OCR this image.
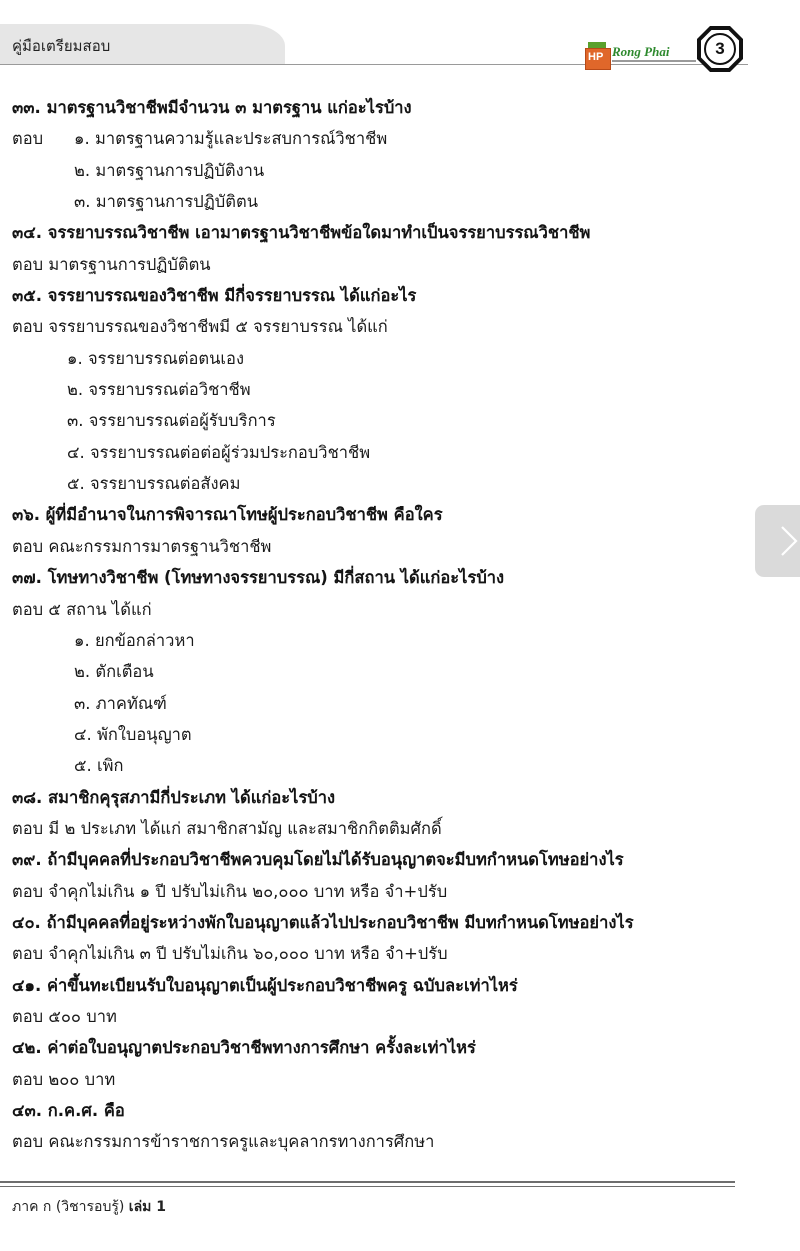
คู่มือเตรียมสอบ
HP Rong Phai	3
๓๓. มาตรฐานวิชาชีพมีจำนวน ๓ มาตรฐาน แก่อะไรบ้าง
ตอบ ๑. มาตรฐานความรู้และประสบการณ์วิชาชีพ
๒. มาตรฐานการปฏิบัติงาน
๓. มาตรฐานการปฏิบัติตน
๓๔. จรรยาบรรณวิชาชีพ เอามาตรฐานวิชาชีพข้อใดมาทำเป็นจรรยาบรรณวิชาชีพ
ตอบ มาตรฐานการปฏิบัติตน
๓๕. จรรยาบรรณของวิชาชีพ มีกี่จรรยาบรรณ ได้แก่อะไร
ตอบ จรรยาบรรณของวิชาชีพมี ๕ จรรยาบรรณ ได้แก่
๑. จรรยาบรรณต่อตนเอง
๒. จรรยาบรรณต่อวิชาชีพ
๓. จรรยาบรรณต่อผู้รับบริการ
๔. จรรยาบรรณต่อต่อผู้ร่วมประกอบวิชาชีพ
๕. จรรยาบรรณต่อสังคม
๓๖. ผู้ที่มีอำนาจในการพิจารณาโทษผู้ประกอบวิชาชีพ คือใคร
ตอบ คณะกรรมการมาตรฐานวิชาชีพ
๓๗. โทษทางวิชาชีพ (โทษทางจรรยาบรรณ) มีกี่สถาน ได้แก่อะไรบ้าง
ตอบ ๕ สถาน ได้แก่
๑. ยกข้อกล่าวหา
๒. ตักเตือน
๓. ภาคทัณฑ์
๔. พักใบอนุญาต
๕. เพิก
๓๘. สมาชิกคุรุสภามีกี่ประเภท ได้แก่อะไรบ้าง
ตอบ มี ๒ ประเภท ได้แก่ สมาชิกสามัญ และสมาชิกกิตติมศักดิ์
๓๙. ถ้ามีบุคคลที่ประกอบวิชาชีพควบคุมโดยไม่ได้รับอนุญาตจะมีบทกำหนดโทษอย่างไร
ตอบ จำคุกไม่เกิน ๑ ปี ปรับไม่เกิน ๒๐,๐๐๐ บาท หรือ จำ+ปรับ
๔๐. ถ้ามีบุคคลที่อยู่ระหว่างพักใบอนุญาตแล้วไปประกอบวิชาชีพ มีบทกำหนดโทษอย่างไร
ตอบ จำคุกไม่เกิน ๓ ปี ปรับไม่เกิน ๖๐,๐๐๐ บาท หรือ จำ+ปรับ
๔๑. ค่าขึ้นทะเบียนรับใบอนุญาตเป็นผู้ประกอบวิชาชีพครู ฉบับละเท่าไหร่
ตอบ ๕๐๐ บาท
๔๒. ค่าต่อใบอนุญาตประกอบวิชาชีพทางการศึกษา ครั้งละเท่าไหร่
ตอบ ๒๐๐ บาท
๔๓. ก.ค.ศ. คือ
ตอบ คณะกรรมการข้าราชการครูและบุคลากรทางการศึกษา
ภาค ก (วิชารอบรู้) เล่ม 1
